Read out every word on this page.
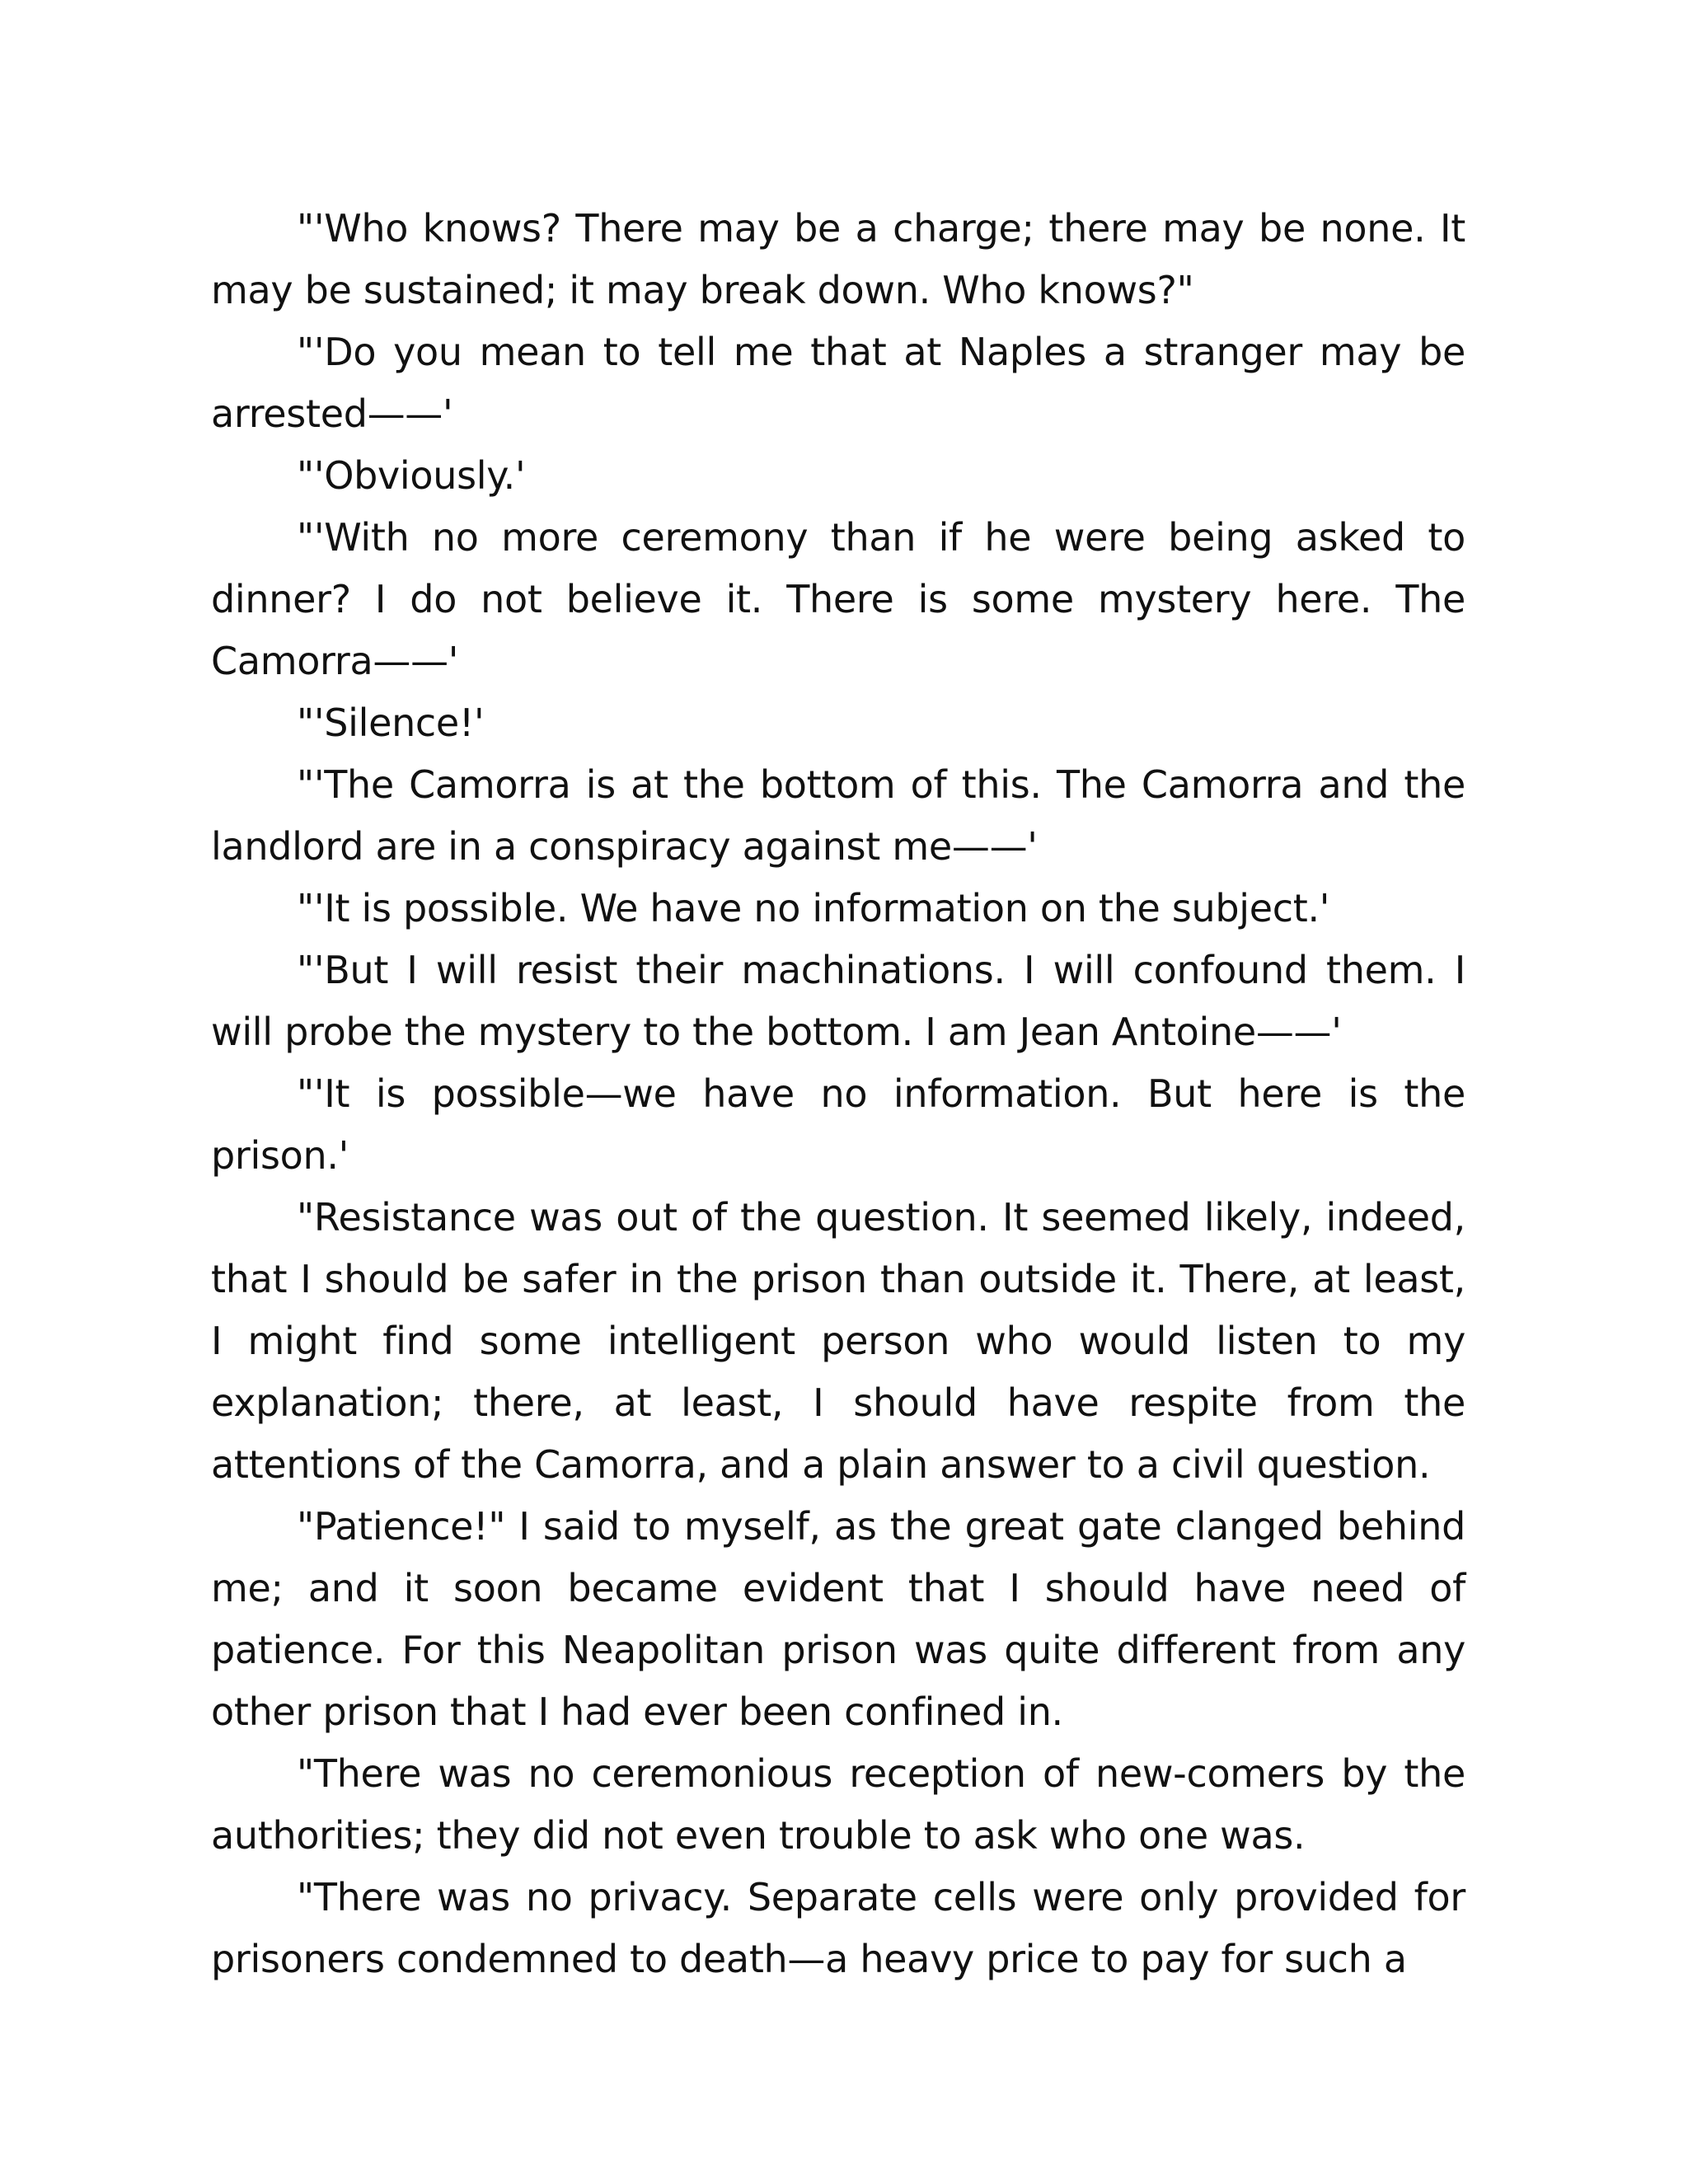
"'Who knows? There may be a charge; there may be none. It may be sustained; it may break down. Who knows?"

"'Do you mean to tell me that at Naples a stranger may be arrested——'

"'Obviously.'

"'With no more ceremony than if he were being asked to dinner? I do not believe it. There is some mystery here. The Camorra——'

"'Silence!'

"'The Camorra is at the bottom of this. The Camorra and the landlord are in a conspiracy against me——'

"'It is possible. We have no information on the subject.'

"'But I will resist their machinations. I will confound them. I will probe the mystery to the bottom. I am Jean Antoine——'

"'It is possible—we have no information. But here is the prison.'

"Resistance was out of the question. It seemed likely, indeed, that I should be safer in the prison than outside it. There, at least, I might find some intelligent person who would listen to my explanation; there, at least, I should have respite from the attentions of the Camorra, and a plain answer to a civil question.

"Patience!" I said to myself, as the great gate clanged behind me; and it soon became evident that I should have need of patience. For this Neapolitan prison was quite different from any other prison that I had ever been confined in.

"There was no ceremonious reception of new-comers by the authorities; they did not even trouble to ask who one was.

"There was no privacy. Separate cells were only provided for prisoners condemned to death—a heavy price to pay for such a
